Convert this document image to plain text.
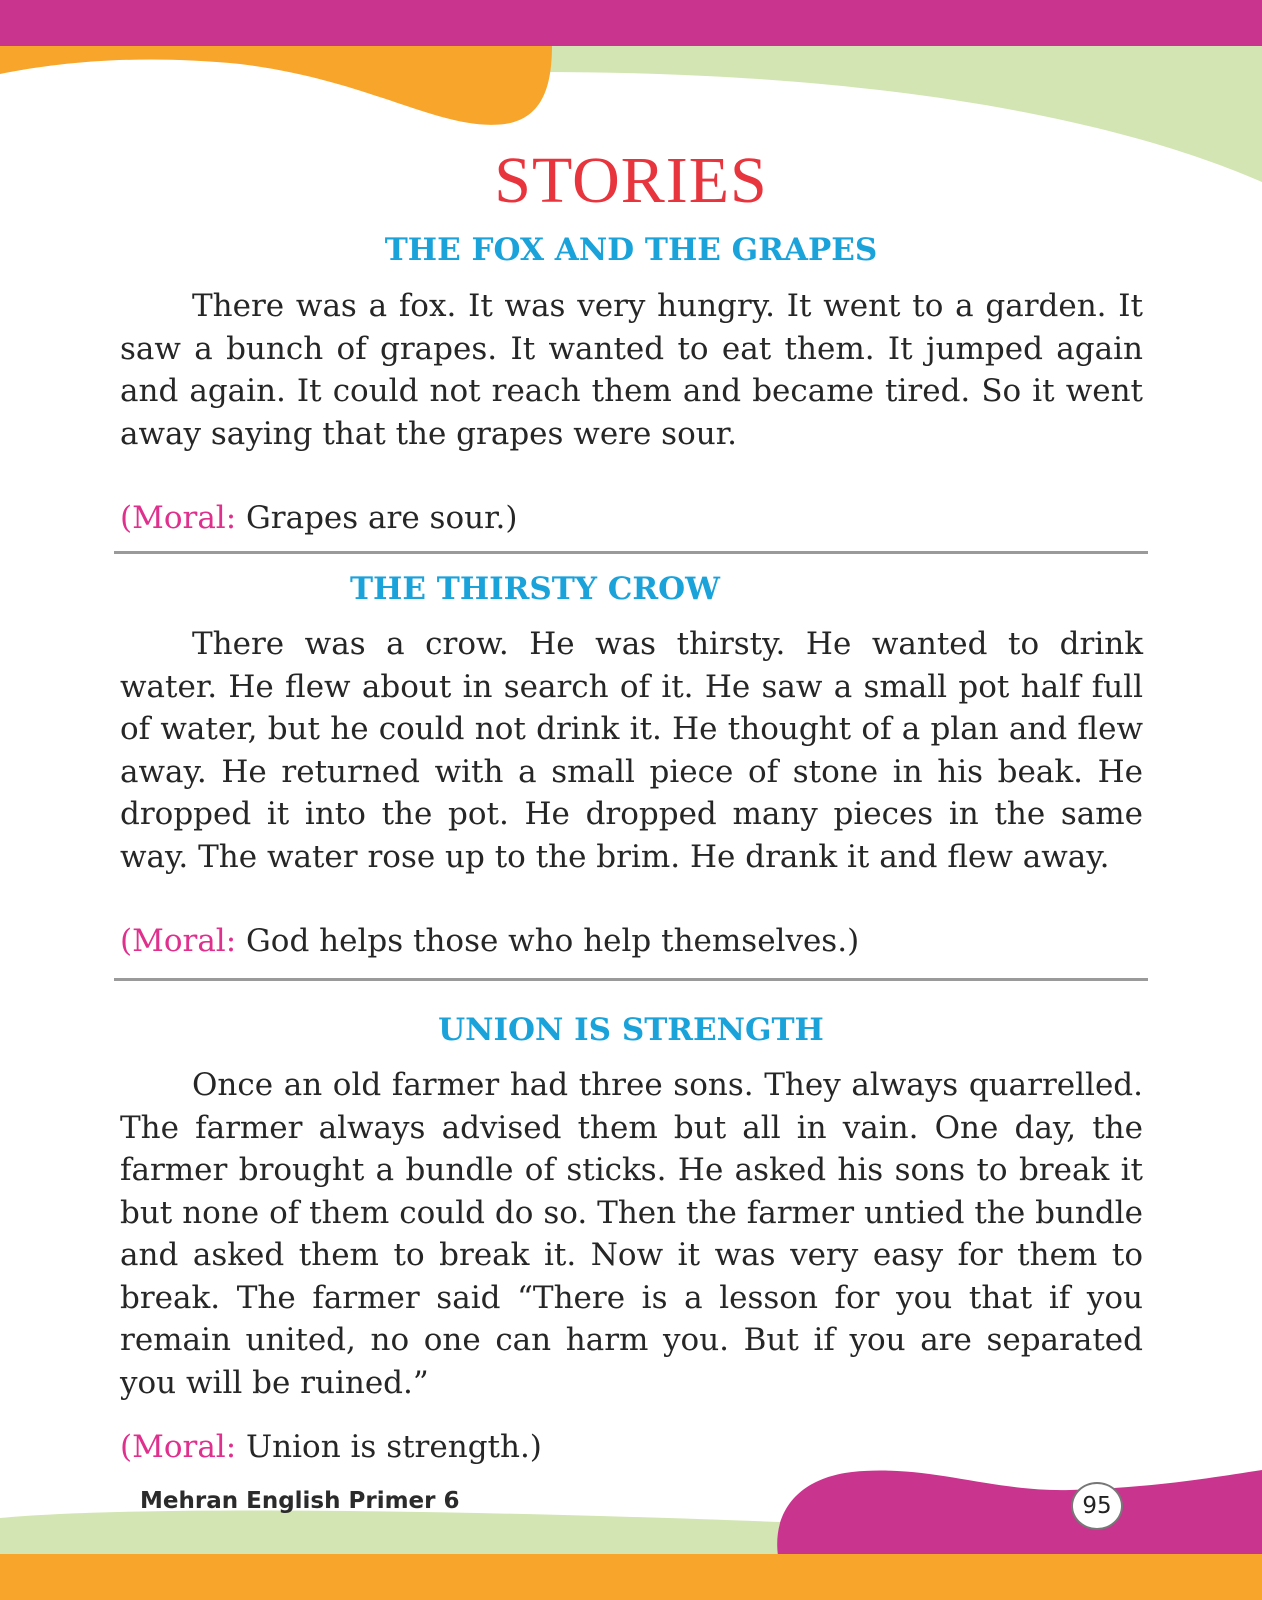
STORIES
THE FOX AND THE GRAPES

There was a fox. It was very hungry. It went to a garden. It saw a bunch of grapes. It wanted to eat them. It jumped again and again. It could not reach them and became tired. So it went away saying that the grapes were sour.

(Moral: Grapes are sour.)

THE THIRSTY CROW

There was a crow. He was thirsty. He wanted to drink water. He flew about in search of it. He saw a small pot half full of water, but he could not drink it. He thought of a plan and flew away. He returned with a small piece of stone in his beak. He dropped it into the pot. He dropped many pieces in the same way. The water rose up to the brim. He drank it and flew away.

(Moral: God helps those who help themselves.)

UNION IS STRENGTH

Once an old farmer had three sons. They always quarrelled. The farmer always advised them but all in vain. One day, the farmer brought a bundle of sticks. He asked his sons to break it but none of them could do so. Then the farmer untied the bundle and asked them to break it. Now it was very easy for them to break. The farmer said “There is a lesson for you that if you remain united, no one can harm you. But if you are separated you will be ruined.”

(Moral: Union is strength.)

Mehran English Primer 6	95
